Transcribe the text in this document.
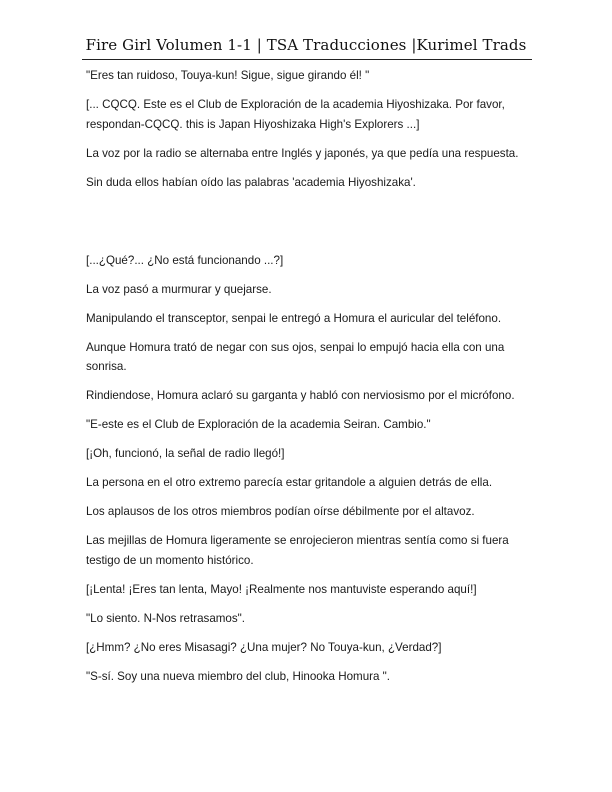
Fire Girl Volumen 1-1 | TSA Traducciones |Kurimel Trads

"Eres tan ruidoso, Touya-kun! Sigue, sigue girando él! "

[... CQCQ. Este es el Club de Exploración de la academia Hiyoshizaka. Por favor, respondan-CQCQ. this is Japan Hiyoshizaka High's Explorers ...]

La voz por la radio se alternaba entre Inglés y japonés, ya que pedía una respuesta.

Sin duda ellos habían oído las palabras 'academia Hiyoshizaka'.

[...¿Qué?... ¿No está funcionando ...?]

La voz pasó a murmurar y quejarse.

Manipulando el transceptor, senpai le entregó a Homura el auricular del teléfono.

Aunque Homura trató de negar con sus ojos, senpai lo empujó hacia ella con una sonrisa.

Rindiendose, Homura aclaró su garganta y habló con nerviosismo por el micrófono.

"E-este es el Club de Exploración de la academia Seiran. Cambio."

[¡Oh, funcionó, la señal de radio llegó!]

La persona en el otro extremo parecía estar gritandole a alguien detrás de ella.

Los aplausos de los otros miembros podían oírse débilmente por el altavoz.

Las mejillas de Homura ligeramente se enrojecieron mientras sentía como si fuera testigo de un momento histórico.

[¡Lenta! ¡Eres tan lenta, Mayo! ¡Realmente nos mantuviste esperando aquí!]

"Lo siento. N-Nos retrasamos".

[¿Hmm? ¿No eres Misasagi? ¿Una mujer? No Touya-kun, ¿Verdad?]

"S-sí. Soy una nueva miembro del club, Hinooka Homura ".
